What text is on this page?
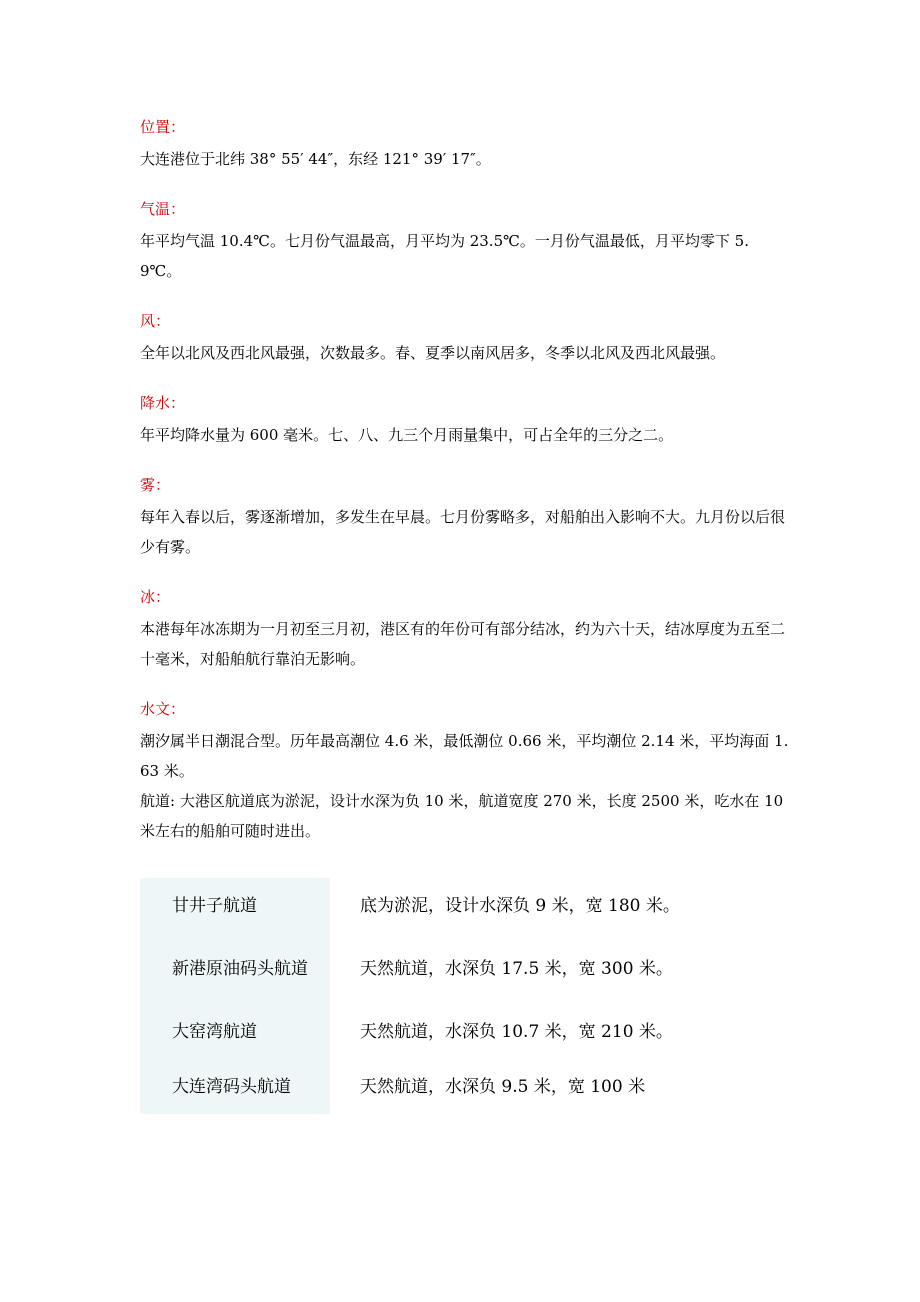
位置：
大连港位于北纬 38° 55′ 44″，东经 121° 39′ 17″。
气温：
年平均气温 10.4℃。七月份气温最高，月平均为 23.5℃。一月份气温最低，月平均零下 5.9℃。
风：
全年以北风及西北风最强，次数最多。春、夏季以南风居多，冬季以北风及西北风最强。
降水：
年平均降水量为 600 毫米。七、八、九三个月雨量集中，可占全年的三分之二。
雾：
每年入春以后，雾逐渐增加，多发生在早晨。七月份雾略多，对船舶出入影响不大。九月份以后很少有雾。
冰：
本港每年冰冻期为一月初至三月初，港区有的年份可有部分结冰，约为六十天，结冰厚度为五至二十毫米，对船舶航行靠泊无影响。
水文：
潮汐属半日潮混合型。历年最高潮位 4.6 米，最低潮位 0.66 米，平均潮位 2.14 米，平均海面 1.63 米。
航道: 大港区航道底为淤泥，设计水深为负 10 米，航道宽度 270 米，长度 2500 米，吃水在 10 米左右的船舶可随时进出。
甘井子航道	底为淤泥，设计水深负 9 米，宽 180 米。
新港原油码头航道	天然航道，水深负 17.5 米，宽 300 米。
大窑湾航道	天然航道，水深负 10.7 米，宽 210 米。
大连湾码头航道	天然航道，水深负 9.5 米，宽 100 米
